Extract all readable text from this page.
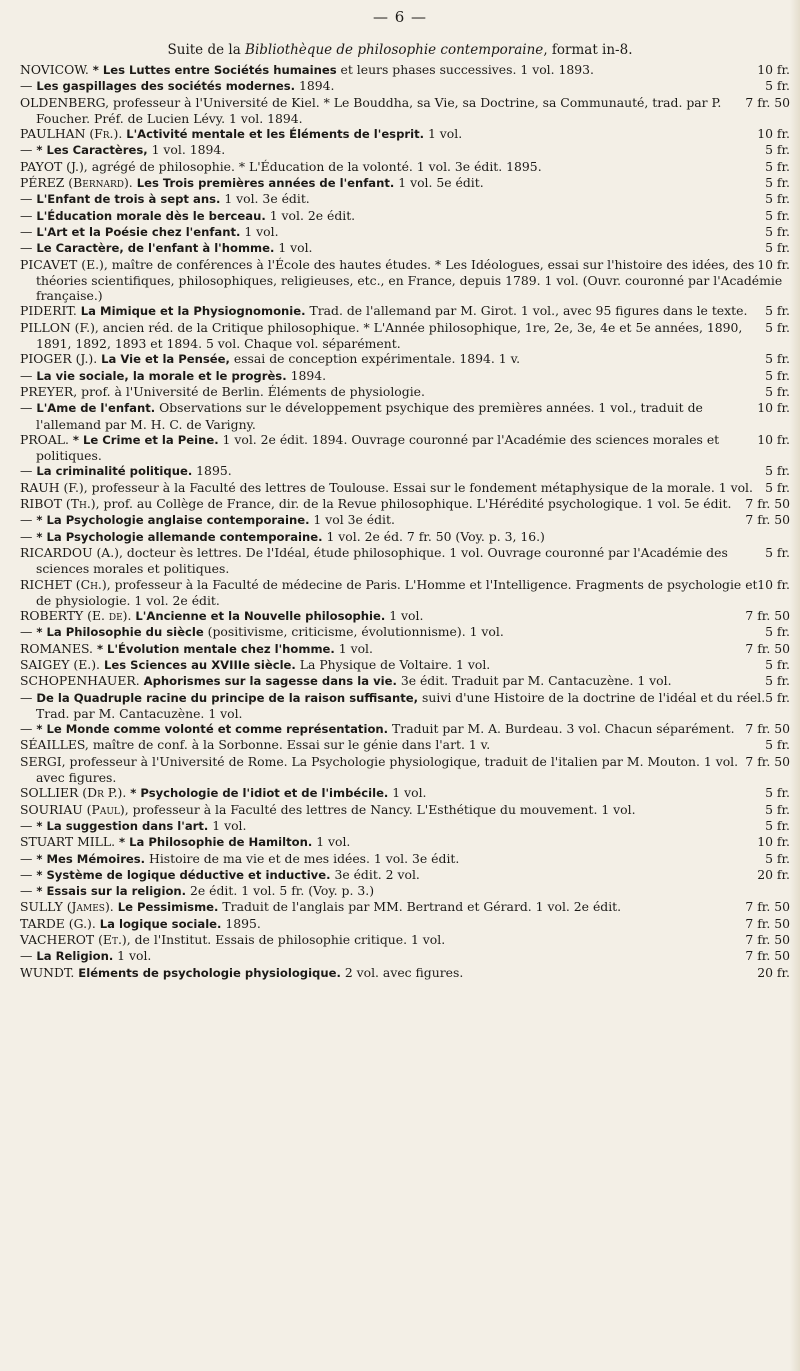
— 6 —
Suite de la Bibliothèque de philosophie contemporaine, format in-8.
10 fr.
NOVICOW. * Les Luttes entre Sociétés humaines et leurs phases successives. 1 vol. 1893.
5 fr.
— Les gaspillages des sociétés modernes. 1894.
7 fr. 50
OLDENBERG, professeur à l'Université de Kiel. * Le Bouddha, sa Vie, sa Doctrine, sa Communauté, trad. par P. Foucher. Préf. de Lucien Lévy. 1 vol. 1894.
10 fr.
PAULHAN (Fr.). L'Activité mentale et les Éléments de l'esprit. 1 vol.
5 fr.
— * Les Caractères, 1 vol. 1894.
5 fr.
PAYOT (J.), agrégé de philosophie. * L'Éducation de la volonté. 1 vol. 3e édit. 1895.
5 fr.
PÉREZ (Bernard). Les Trois premières années de l'enfant. 1 vol. 5e édit.
5 fr.
— L'Enfant de trois à sept ans. 1 vol. 3e édit.
5 fr.
— L'Éducation morale dès le berceau. 1 vol. 2e édit.
5 fr.
— L'Art et la Poésie chez l'enfant. 1 vol.
5 fr.
— Le Caractère, de l'enfant à l'homme. 1 vol.
10 fr.
PICAVET (E.), maître de conférences à l'École des hautes études. * Les Idéologues, essai sur l'histoire des idées, des théories scientifiques, philosophiques, religieuses, etc., en France, depuis 1789. 1 vol. (Ouvr. couronné par l'Académie française.)
5 fr.
PIDERIT. La Mimique et la Physiognomonie. Trad. de l'allemand par M. Girot. 1 vol., avec 95 figures dans le texte.
5 fr.
PILLON (F.), ancien réd. de la Critique philosophique. * L'Année philosophique, 1re, 2e, 3e, 4e et 5e années, 1890, 1891, 1892, 1893 et 1894. 5 vol. Chaque vol. séparément.
5 fr.
PIOGER (J.). La Vie et la Pensée, essai de conception expérimentale. 1894. 1 v.
5 fr.
— La vie sociale, la morale et le progrès. 1894.
5 fr.
PREYER, prof. à l'Université de Berlin. Éléments de physiologie.
10 fr.
— L'Ame de l'enfant. Observations sur le développement psychique des premières années. 1 vol., traduit de l'allemand par M. H. C. de Varigny.
10 fr.
PROAL. * Le Crime et la Peine. 1 vol. 2e édit. 1894. Ouvrage couronné par l'Académie des sciences morales et politiques.
5 fr.
— La criminalité politique. 1895.
5 fr.
RAUH (F.), professeur à la Faculté des lettres de Toulouse. Essai sur le fondement métaphysique de la morale. 1 vol.
7 fr. 50
RIBOT (Th.), prof. au Collège de France, dir. de la Revue philosophique. L'Hérédité psychologique. 1 vol. 5e édit.
7 fr. 50
— * La Psychologie anglaise contemporaine. 1 vol 3e édit.
— * La Psychologie allemande contemporaine. 1 vol. 2e éd. 7 fr. 50 (Voy. p. 3, 16.)
5 fr.
RICARDOU (A.), docteur ès lettres. De l'Idéal, étude philosophique. 1 vol. Ouvrage couronné par l'Académie des sciences morales et politiques.
10 fr.
RICHET (Ch.), professeur à la Faculté de médecine de Paris. L'Homme et l'Intelligence. Fragments de psychologie et de physiologie. 1 vol. 2e édit.
7 fr. 50
ROBERTY (E. de). L'Ancienne et la Nouvelle philosophie. 1 vol.
5 fr.
— * La Philosophie du siècle (positivisme, criticisme, évolutionnisme). 1 vol.
7 fr. 50
ROMANES. * L'Évolution mentale chez l'homme. 1 vol.
5 fr.
SAIGEY (E.). Les Sciences au XVIIIe siècle. La Physique de Voltaire. 1 vol.
5 fr.
SCHOPENHAUER. Aphorismes sur la sagesse dans la vie. 3e édit. Traduit par M. Cantacuzène. 1 vol.
5 fr.
— De la Quadruple racine du principe de la raison suffisante, suivi d'une Histoire de la doctrine de l'idéal et du réel. Trad. par M. Cantacuzène. 1 vol.
7 fr. 50
— * Le Monde comme volonté et comme représentation. Traduit par M. A. Burdeau. 3 vol. Chacun séparément.
5 fr.
SÉAILLES, maître de conf. à la Sorbonne. Essai sur le génie dans l'art. 1 v.
7 fr. 50
SERGI, professeur à l'Université de Rome. La Psychologie physiologique, traduit de l'italien par M. Mouton. 1 vol. avec figures.
5 fr.
SOLLIER (Dr P.). * Psychologie de l'idiot et de l'imbécile. 1 vol.
5 fr.
SOURIAU (Paul), professeur à la Faculté des lettres de Nancy. L'Esthétique du mouvement. 1 vol.
5 fr.
— * La suggestion dans l'art. 1 vol.
10 fr.
STUART MILL. * La Philosophie de Hamilton. 1 vol.
5 fr.
— * Mes Mémoires. Histoire de ma vie et de mes idées. 1 vol. 3e édit.
20 fr.
— * Système de logique déductive et inductive. 3e édit. 2 vol.
— * Essais sur la religion. 2e édit. 1 vol. 5 fr. (Voy. p. 3.)
7 fr. 50
SULLY (James). Le Pessimisme. Traduit de l'anglais par MM. Bertrand et Gérard. 1 vol. 2e édit.
7 fr. 50
TARDE (G.). La logique sociale. 1895.
7 fr. 50
VACHEROT (Et.), de l'Institut. Essais de philosophie critique. 1 vol.
7 fr. 50
— La Religion. 1 vol.
20 fr.
WUNDT. Eléments de psychologie physiologique. 2 vol. avec figures.
